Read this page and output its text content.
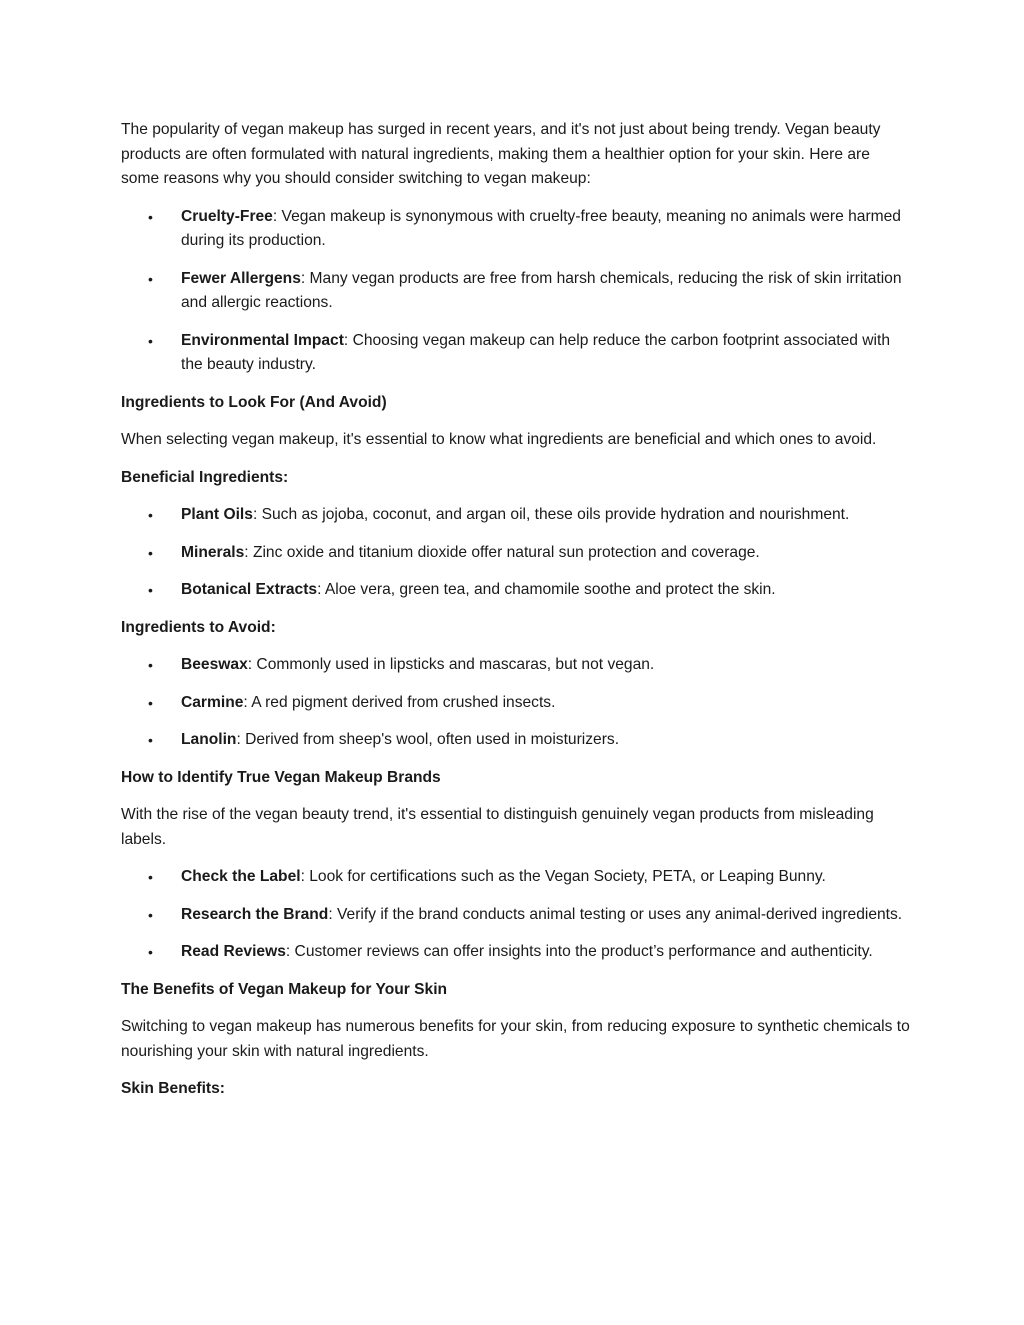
The popularity of vegan makeup has surged in recent years, and it's not just about being trendy. Vegan beauty products are often formulated with natural ingredients, making them a healthier option for your skin. Here are some reasons why you should consider switching to vegan makeup:

• Cruelty-Free: Vegan makeup is synonymous with cruelty-free beauty, meaning no animals were harmed during its production.
• Fewer Allergens: Many vegan products are free from harsh chemicals, reducing the risk of skin irritation and allergic reactions.
• Environmental Impact: Choosing vegan makeup can help reduce the carbon footprint associated with the beauty industry.

Ingredients to Look For (And Avoid)

When selecting vegan makeup, it's essential to know what ingredients are beneficial and which ones to avoid.

Beneficial Ingredients:

• Plant Oils: Such as jojoba, coconut, and argan oil, these oils provide hydration and nourishment.
• Minerals: Zinc oxide and titanium dioxide offer natural sun protection and coverage.
• Botanical Extracts: Aloe vera, green tea, and chamomile soothe and protect the skin.

Ingredients to Avoid:

• Beeswax: Commonly used in lipsticks and mascaras, but not vegan.
• Carmine: A red pigment derived from crushed insects.
• Lanolin: Derived from sheep's wool, often used in moisturizers.

How to Identify True Vegan Makeup Brands

With the rise of the vegan beauty trend, it's essential to distinguish genuinely vegan products from misleading labels.

• Check the Label: Look for certifications such as the Vegan Society, PETA, or Leaping Bunny.
• Research the Brand: Verify if the brand conducts animal testing or uses any animal-derived ingredients.
• Read Reviews: Customer reviews can offer insights into the product’s performance and authenticity.

The Benefits of Vegan Makeup for Your Skin

Switching to vegan makeup has numerous benefits for your skin, from reducing exposure to synthetic chemicals to nourishing your skin with natural ingredients.

Skin Benefits:
